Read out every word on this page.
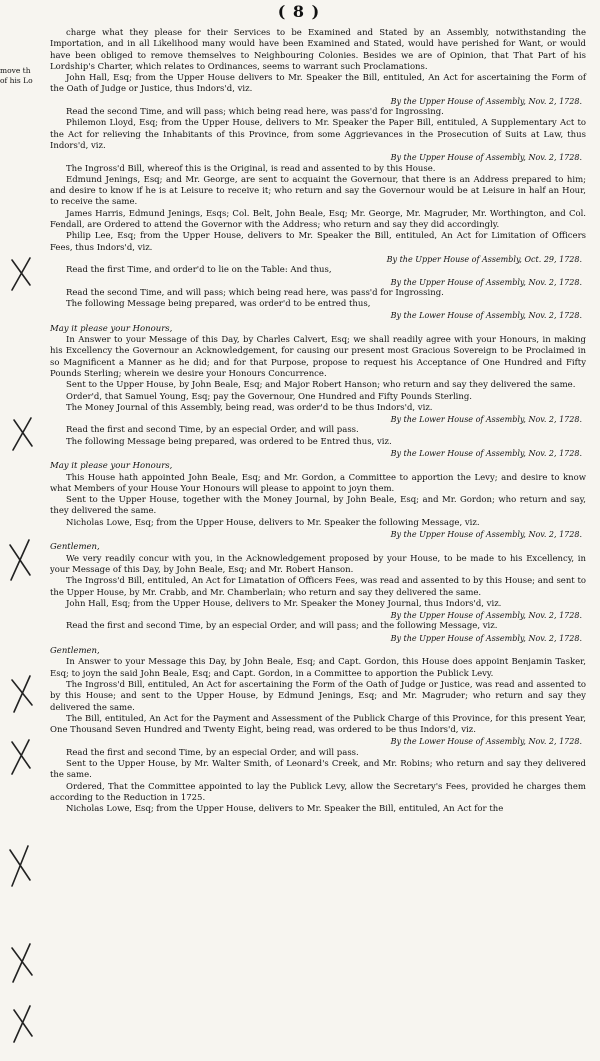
( 8 )
move th
of his Lo

charge what they please for their Services to be Examined and Stated by an Assembly, notwithstanding the Importation, and in all Likelihood many would have been Examined and Stated, would have perished for Want, or would have been obliged to remove themselves to Neighbouring Colonies. Besides we are of Opinion, that That Part of his Lordship's Charter, which relates to Ordinances, seems to warrant such Proclamations.

John Hall, Esq; from the Upper House delivers to Mr. Speaker the Bill, entituled, An Act for ascertaining the Form of the Oath of Judge or Justice, thus Indors'd, viz.

By the Upper House of Assembly, Nov. 2, 1728.

Read the second Time, and will pass; which being read here, was pass'd for Ingrossing.

Philemon Lloyd, Esq; from the Upper House, delivers to Mr. Speaker the Paper Bill, entituled, A Supplementary Act to the Act for relieving the Inhabitants of this Province, from some Aggrievances in the Prosecution of Suits at Law, thus Indors'd, viz.

By the Upper House of Assembly, Nov. 2, 1728.

The Ingross'd Bill, whereof this is the Original, is read and assented to by this House.

Edmund Jenings, Esq; and Mr. George, are sent to acquaint the Governour, that there is an Address prepared to him; and desire to know if he is at Leisure to receive it; who return and say the Governour would be at Leisure in half an Hour, to receive the same.

James Harris, Edmund Jenings, Esqs; Col. Belt, John Beale, Esq; Mr. George, Mr. Magruder, Mr. Worthington, and Col. Fendall, are Ordered to attend the Governor with the Address; who return and say they did accordingly.

Philip Lee, Esq; from the Upper House, delivers to Mr. Speaker the Bill, entituled, An Act for Limitation of Officers Fees, thus Indors'd, viz.

By the Upper House of Assembly, Oct. 29, 1728.

Read the first Time, and order'd to lie on the Table: And thus,

By the Upper House of Assembly, Nov. 2, 1728.

Read the second Time, and will pass; which being read here, was pass'd for Ingrossing.

The following Message being prepared, was order'd to be entred thus,

By the Lower House of Assembly, Nov. 2, 1728.

May it please your Honours,

In Answer to your Message of this Day, by Charles Calvert, Esq; we shall readily agree with your Honours, in making his Excellency the Governour an Acknowledgement, for causing our present most Gracious Sovereign to be Proclaimed in so Magnificent a Manner as he did; and for that Purpose, propose to request his Acceptance of One Hundred and Fifty Pounds Sterling; wherein we desire your Honours Concurrence.

Sent to the Upper House, by John Beale, Esq; and Major Robert Hanson; who return and say they delivered the same.

Order'd, that Samuel Young, Esq; pay the Governour, One Hundred and Fifty Pounds Sterling.

The Money Journal of this Assembly, being read, was order'd to be thus Indors'd, viz.

By the Lower House of Assembly, Nov. 2, 1728.

Read the first and second Time, by an especial Order, and will pass.

The following Message being prepared, was ordered to be Entred thus, viz.

By the Lower House of Assembly, Nov. 2, 1728.

May it please your Honours,

This House hath appointed John Beale, Esq; and Mr. Gordon, a Committee to apportion the Levy; and desire to know what Members of your House Your Honours will please to appoint to joyn them.

Sent to the Upper House, together with the Money Journal, by John Beale, Esq; and Mr. Gordon; who return and say, they delivered the same.

Nicholas Lowe, Esq; from the Upper House, delivers to Mr. Speaker the following Message, viz.

By the Upper House of Assembly, Nov. 2, 1728.

Gentlemen,

We very readily concur with you, in the Acknowledgement proposed by your House, to be made to his Excellency, in your Message of this Day, by John Beale, Esq; and Mr. Robert Hanson.

The Ingross'd Bill, entituled, An Act for Limatation of Officers Fees, was read and assented to by this House; and sent to the Upper House, by Mr. Crabb, and Mr. Chamberlain; who return and say they delivered the same.

John Hall, Esq; from the Upper House, delivers to Mr. Speaker the Money Journal, thus Indors'd, viz.

By the Upper House of Assembly, Nov. 2, 1728.

Read the first and second Time, by an especial Order, and will pass; and the following Message, viz.

By the Upper House of Assembly, Nov. 2, 1728.

Gentlemen,

In Answer to your Message this Day, by John Beale, Esq; and Capt. Gordon, this House does appoint Benjamin Tasker, Esq; to joyn the said John Beale, Esq; and Capt. Gordon, in a Committee to apportion the Publick Levy.

The Ingross'd Bill, entituled, An Act for ascertaining the Form of the Oath of Judge or Justice, was read and assented to by this House; and sent to the Upper House, by Edmund Jenings, Esq; and Mr. Magruder; who return and say they delivered the same.

The Bill, entituled, An Act for the Payment and Assessment of the Publick Charge of this Province, for this present Year, One Thousand Seven Hundred and Twenty Eight, being read, was ordered to be thus Indors'd, viz.

By the Lower House of Assembly, Nov. 2, 1728.

Read the first and second Time, by an especial Order, and will pass.

Sent to the Upper House, by Mr. Walter Smith, of Leonard's Creek, and Mr. Robins; who return and say they delivered the same.

Ordered, That the Committee appointed to lay the Publick Levy, allow the Secretary's Fees, provided he charges them according to the Reduction in 1725.

Nicholas Lowe, Esq; from the Upper House, delivers to Mr. Speaker the Bill, entituled, An Act for the
